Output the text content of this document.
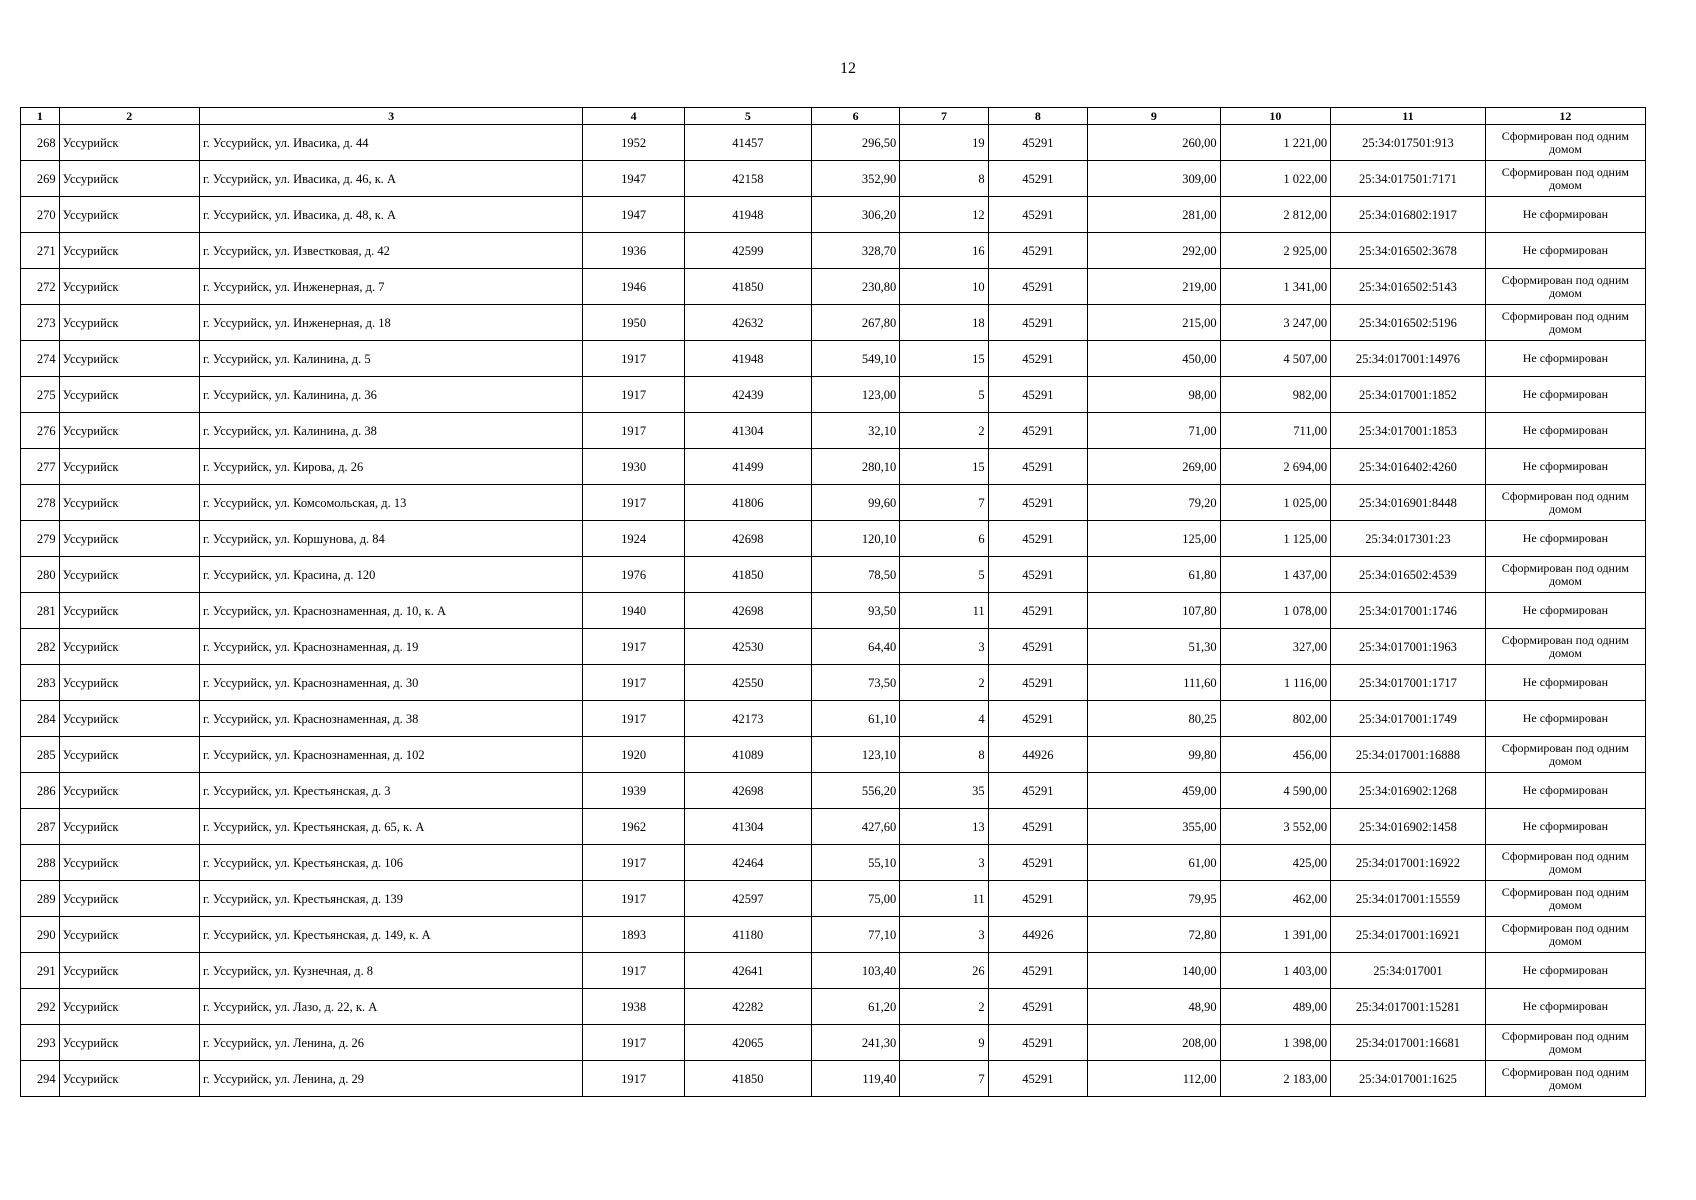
12
1	2	3	4	5	6	7	8	9	10	11	12
268	Уссурийск	г. Уссурийск, ул. Ивасика, д. 44	1952	41457	296,50	19	45291	260,00	1 221,00	25:34:017501:913	Сформирован под одним домом
269	Уссурийск	г. Уссурийск, ул. Ивасика, д. 46, к. А	1947	42158	352,90	8	45291	309,00	1 022,00	25:34:017501:7171	Сформирован под одним домом
270	Уссурийск	г. Уссурийск, ул. Ивасика, д. 48, к. А	1947	41948	306,20	12	45291	281,00	2 812,00	25:34:016802:1917	Не сформирован
271	Уссурийск	г. Уссурийск, ул. Известковая, д. 42	1936	42599	328,70	16	45291	292,00	2 925,00	25:34:016502:3678	Не сформирован
272	Уссурийск	г. Уссурийск, ул. Инженерная, д. 7	1946	41850	230,80	10	45291	219,00	1 341,00	25:34:016502:5143	Сформирован под одним домом
273	Уссурийск	г. Уссурийск, ул. Инженерная, д. 18	1950	42632	267,80	18	45291	215,00	3 247,00	25:34:016502:5196	Сформирован под одним домом
274	Уссурийск	г. Уссурийск, ул. Калинина, д. 5	1917	41948	549,10	15	45291	450,00	4 507,00	25:34:017001:14976	Не сформирован
275	Уссурийск	г. Уссурийск, ул. Калинина, д. 36	1917	42439	123,00	5	45291	98,00	982,00	25:34:017001:1852	Не сформирован
276	Уссурийск	г. Уссурийск, ул. Калинина, д. 38	1917	41304	32,10	2	45291	71,00	711,00	25:34:017001:1853	Не сформирован
277	Уссурийск	г. Уссурийск, ул. Кирова, д. 26	1930	41499	280,10	15	45291	269,00	2 694,00	25:34:016402:4260	Не сформирован
278	Уссурийск	г. Уссурийск, ул. Комсомольская, д. 13	1917	41806	99,60	7	45291	79,20	1 025,00	25:34:016901:8448	Сформирован под одним домом
279	Уссурийск	г. Уссурийск, ул. Коршунова, д. 84	1924	42698	120,10	6	45291	125,00	1 125,00	25:34:017301:23	Не сформирован
280	Уссурийск	г. Уссурийск, ул. Красина, д. 120	1976	41850	78,50	5	45291	61,80	1 437,00	25:34:016502:4539	Сформирован под одним домом
281	Уссурийск	г. Уссурийск, ул. Краснознаменная, д. 10, к. А	1940	42698	93,50	11	45291	107,80	1 078,00	25:34:017001:1746	Не сформирован
282	Уссурийск	г. Уссурийск, ул. Краснознаменная, д. 19	1917	42530	64,40	3	45291	51,30	327,00	25:34:017001:1963	Сформирован под одним домом
283	Уссурийск	г. Уссурийск, ул. Краснознаменная, д. 30	1917	42550	73,50	2	45291	111,60	1 116,00	25:34:017001:1717	Не сформирован
284	Уссурийск	г. Уссурийск, ул. Краснознаменная, д. 38	1917	42173	61,10	4	45291	80,25	802,00	25:34:017001:1749	Не сформирован
285	Уссурийск	г. Уссурийск, ул. Краснознаменная, д. 102	1920	41089	123,10	8	44926	99,80	456,00	25:34:017001:16888	Сформирован под одним домом
286	Уссурийск	г. Уссурийск, ул. Крестьянская, д. 3	1939	42698	556,20	35	45291	459,00	4 590,00	25:34:016902:1268	Не сформирован
287	Уссурийск	г. Уссурийск, ул. Крестьянская, д. 65, к. А	1962	41304	427,60	13	45291	355,00	3 552,00	25:34:016902:1458	Не сформирован
288	Уссурийск	г. Уссурийск, ул. Крестьянская, д. 106	1917	42464	55,10	3	45291	61,00	425,00	25:34:017001:16922	Сформирован под одним домом
289	Уссурийск	г. Уссурийск, ул. Крестьянская, д. 139	1917	42597	75,00	11	45291	79,95	462,00	25:34:017001:15559	Сформирован под одним домом
290	Уссурийск	г. Уссурийск, ул. Крестьянская, д. 149, к. А	1893	41180	77,10	3	44926	72,80	1 391,00	25:34:017001:16921	Сформирован под одним домом
291	Уссурийск	г. Уссурийск, ул. Кузнечная, д. 8	1917	42641	103,40	26	45291	140,00	1 403,00	25:34:017001	Не сформирован
292	Уссурийск	г. Уссурийск, ул. Лазо, д. 22, к. А	1938	42282	61,20	2	45291	48,90	489,00	25:34:017001:15281	Не сформирован
293	Уссурийск	г. Уссурийск, ул. Ленина, д. 26	1917	42065	241,30	9	45291	208,00	1 398,00	25:34:017001:16681	Сформирован под одним домом
294	Уссурийск	г. Уссурийск, ул. Ленина, д. 29	1917	41850	119,40	7	45291	112,00	2 183,00	25:34:017001:1625	Сформирован под одним домом
